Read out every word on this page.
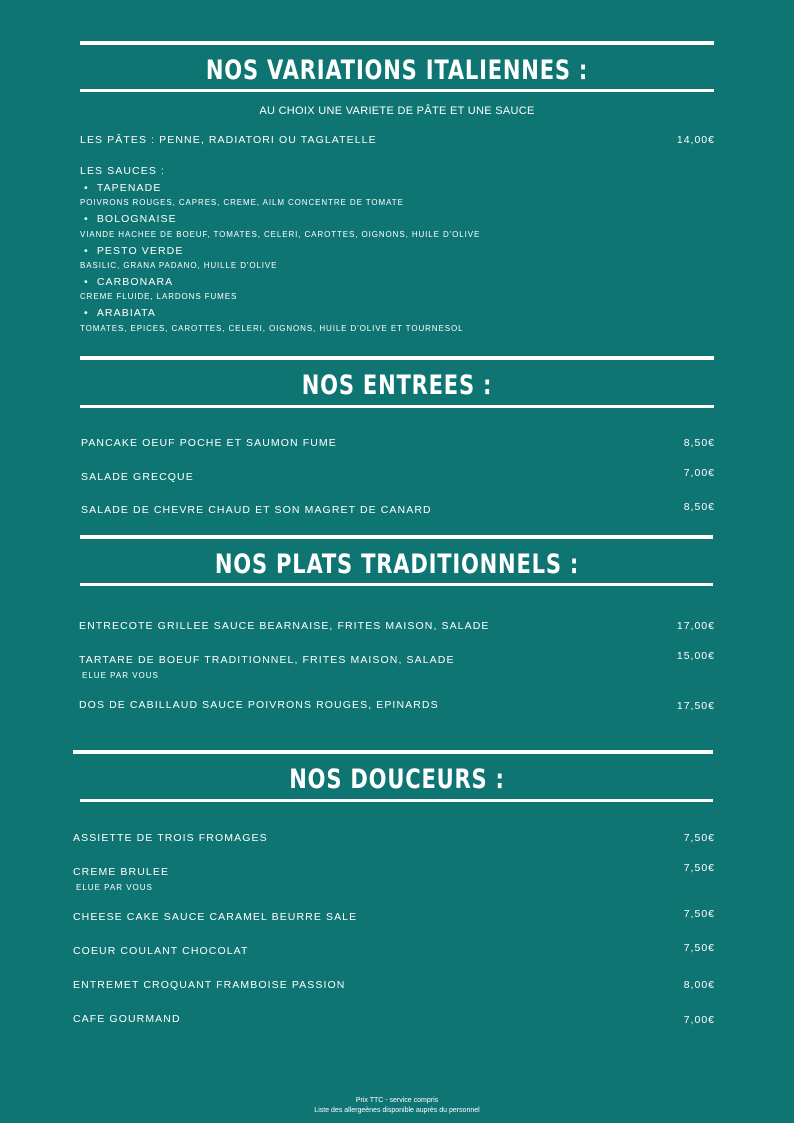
NOS VARIATIONS ITALIENNES :
AU CHOIX UNE VARIETE DE PÂTE ET UNE SAUCE
LES PÂTES : PENNE, RADIATORI OU TAGLATELLE	14,00€
LES SAUCES :
•  TAPENADE
POIVRONS ROUGES, CAPRES, CREME, AILM CONCENTRE DE TOMATE
•  BOLOGNAISE
VIANDE HACHEE DE BOEUF, TOMATES, CELERI, CAROTTES, OIGNONS, HUILE D'OLIVE
•  PESTO VERDE
BASILIC, GRANA PADANO, HUILLE D'OLIVE
•  CARBONARA
CREME FLUIDE, LARDONS FUMES
•  ARABIATA
TOMATES, EPICES, CAROTTES, CELERI, OIGNONS, HUILE D'OLIVE ET TOURNESOL
NOS ENTREES :
PANCAKE OEUF POCHE ET SAUMON FUME	8,50€
SALADE GRECQUE	7,00€
SALADE DE CHEVRE CHAUD ET SON MAGRET DE CANARD	8,50€
NOS PLATS TRADITIONNELS :
ENTRECOTE GRILLEE SAUCE BEARNAISE, FRITES MAISON, SALADE	17,00€
TARTARE DE BOEUF TRADITIONNEL, FRITES MAISON, SALADE	15,00€
ELUE PAR VOUS
DOS DE CABILLAUD SAUCE POIVRONS ROUGES, EPINARDS	17,50€
NOS DOUCEURS :
ASSIETTE DE TROIS FROMAGES	7,50€
CREME BRULEE	7,50€
ELUE PAR VOUS
CHEESE CAKE SAUCE CARAMEL BEURRE SALE	7,50€
COEUR COULANT CHOCOLAT	7,50€
ENTREMET CROQUANT FRAMBOISE PASSION	8,00€
CAFE GOURMAND	7,00€
Prix TTC - service compris
Liste des allergeènes disponible auprès du personnel
